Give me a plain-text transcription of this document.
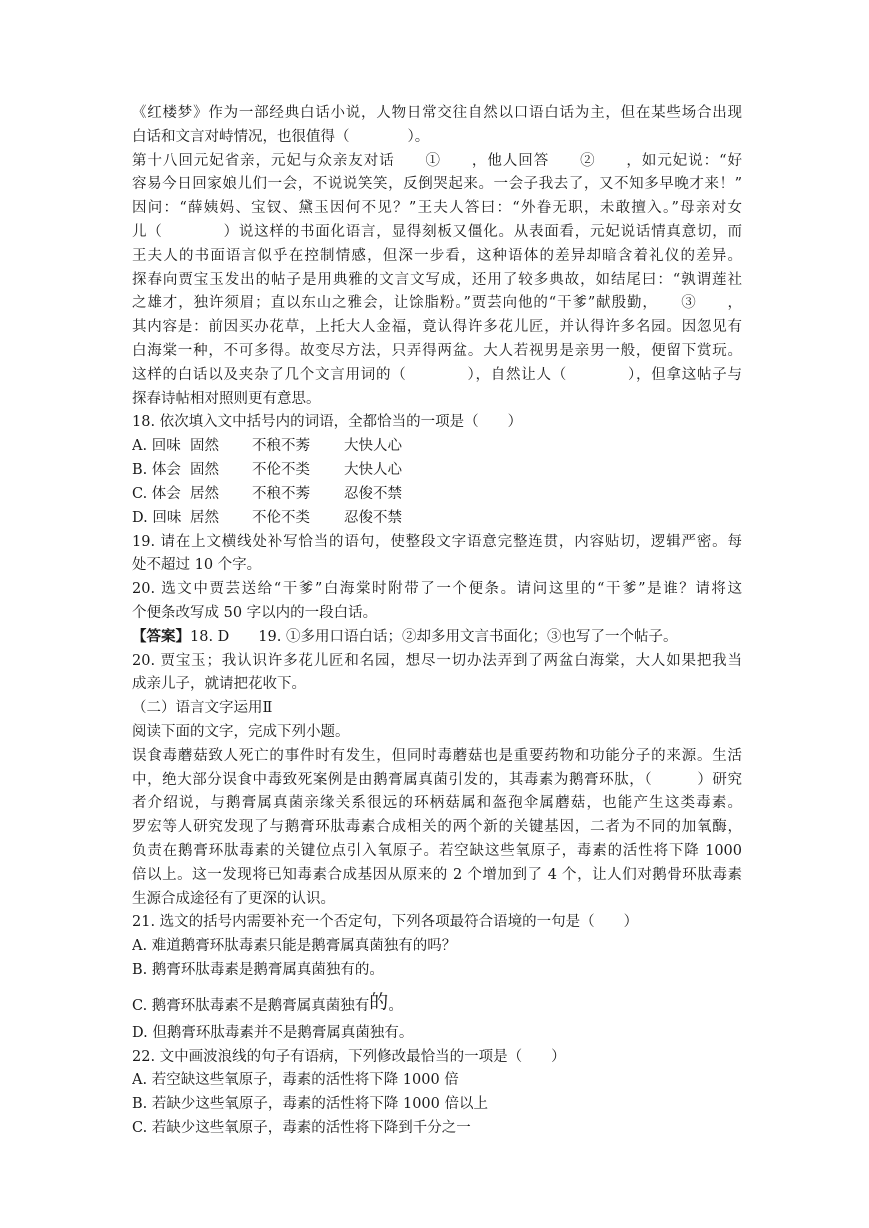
《红楼梦》作为一部经典白话小说，人物日常交往自然以口语白话为主，但在某些场合出现
白话和文言对峙情况，也很值得（　　　　）。
第十八回元妃省亲，元妃与众亲友对话　　①　　，他人回答　　②　　，如元妃说：“好
容易今日回家娘儿们一会，不说说笑笑，反倒哭起来。一会子我去了，又不知多早晚才来！”
因问：“薛姨妈、宝钗、黛玉因何不见？”王夫人答曰：“外眷无职，未敢擅入。”母亲对女
儿（　　　　）说这样的书面化语言，显得刻板又僵化。从表面看，元妃说话情真意切，而
王夫人的书面语言似乎在控制情感，但深一步看，这种语体的差异却暗含着礼仪的差异。
探春向贾宝玉发出的帖子是用典雅的文言文写成，还用了较多典故，如结尾曰：“孰谓莲社
之雄才，独许须眉；直以东山之雅会，让馀脂粉。”贾芸向他的“干爹”献殷勤，　　③　　，
其内容是：前因买办花草，上托大人金福，竟认得许多花儿匠，并认得许多名园。因忽见有
白海棠一种，不可多得。故变尽方法，只弄得两盆。大人若视男是亲男一般，便留下赏玩。
这样的白话以及夹杂了几个文言用词的（　　　　），自然让人（　　　　），但拿这帖子与
探春诗帖相对照则更有意思。
18. 依次填入文中括号内的词语，全都恰当的一项是（　　）
A. 回味 固然 不稂不莠 大快人心
B. 体会 固然 不伦不类 大快人心
C. 体会 居然 不稂不莠 忍俊不禁
D. 回味 居然 不伦不类 忍俊不禁
19. 请在上文横线处补写恰当的语句，使整段文字语意完整连贯，内容贴切，逻辑严密。每
处不超过 10 个字。
20. 选文中贾芸送给“干爹”白海棠时附带了一个便条。请问这里的“干爹”是谁？请将这
个便条改写成 50 字以内的一段白话。
【答案】18. D　　19. ①多用口语白话；②却多用文言书面化；③也写了一个帖子。
20. 贾宝玉；我认识许多花儿匠和名园，想尽一切办法弄到了两盆白海棠，大人如果把我当
成亲儿子，就请把花收下。
（二）语言文字运用Ⅱ
阅读下面的文字，完成下列小题。
误食毒蘑菇致人死亡的事件时有发生，但同时毒蘑菇也是重要药物和功能分子的来源。生活
中，绝大部分误食中毒致死案例是由鹅膏属真菌引发的，其毒素为鹅膏环肽，（　　　）研究
者介绍说，与鹅膏属真菌亲缘关系很远的环柄菇属和盔孢伞属蘑菇，也能产生这类毒素。
罗宏等人研究发现了与鹅膏环肽毒素合成相关的两个新的关键基因，二者为不同的加氧酶，
负责在鹅膏环肽毒素的关键位点引入氧原子。若空缺这些氧原子，毒素的活性将下降 1000
倍以上。这一发现将已知毒素合成基因从原来的 2 个增加到了 4 个，让人们对鹅骨环肽毒素
生源合成途径有了更深的认识。
21. 选文的括号内需要补充一个否定句，下列各项最符合语境的一句是（　　）
A. 难道鹅膏环肽毒素只能是鹅膏属真菌独有的吗？
B. 鹅膏环肽毒素是鹅膏属真菌独有的。
C. 鹅膏环肽毒素不是鹅膏属真菌独有的。
D. 但鹅膏环肽毒素并不是鹅膏属真菌独有。
22. 文中画波浪线的句子有语病，下列修改最恰当的一项是（　　）
A. 若空缺这些氧原子，毒素的活性将下降 1000 倍
B. 若缺少这些氧原子，毒素的活性将下降 1000 倍以上
C. 若缺少这些氧原子，毒素的活性将下降到千分之一
